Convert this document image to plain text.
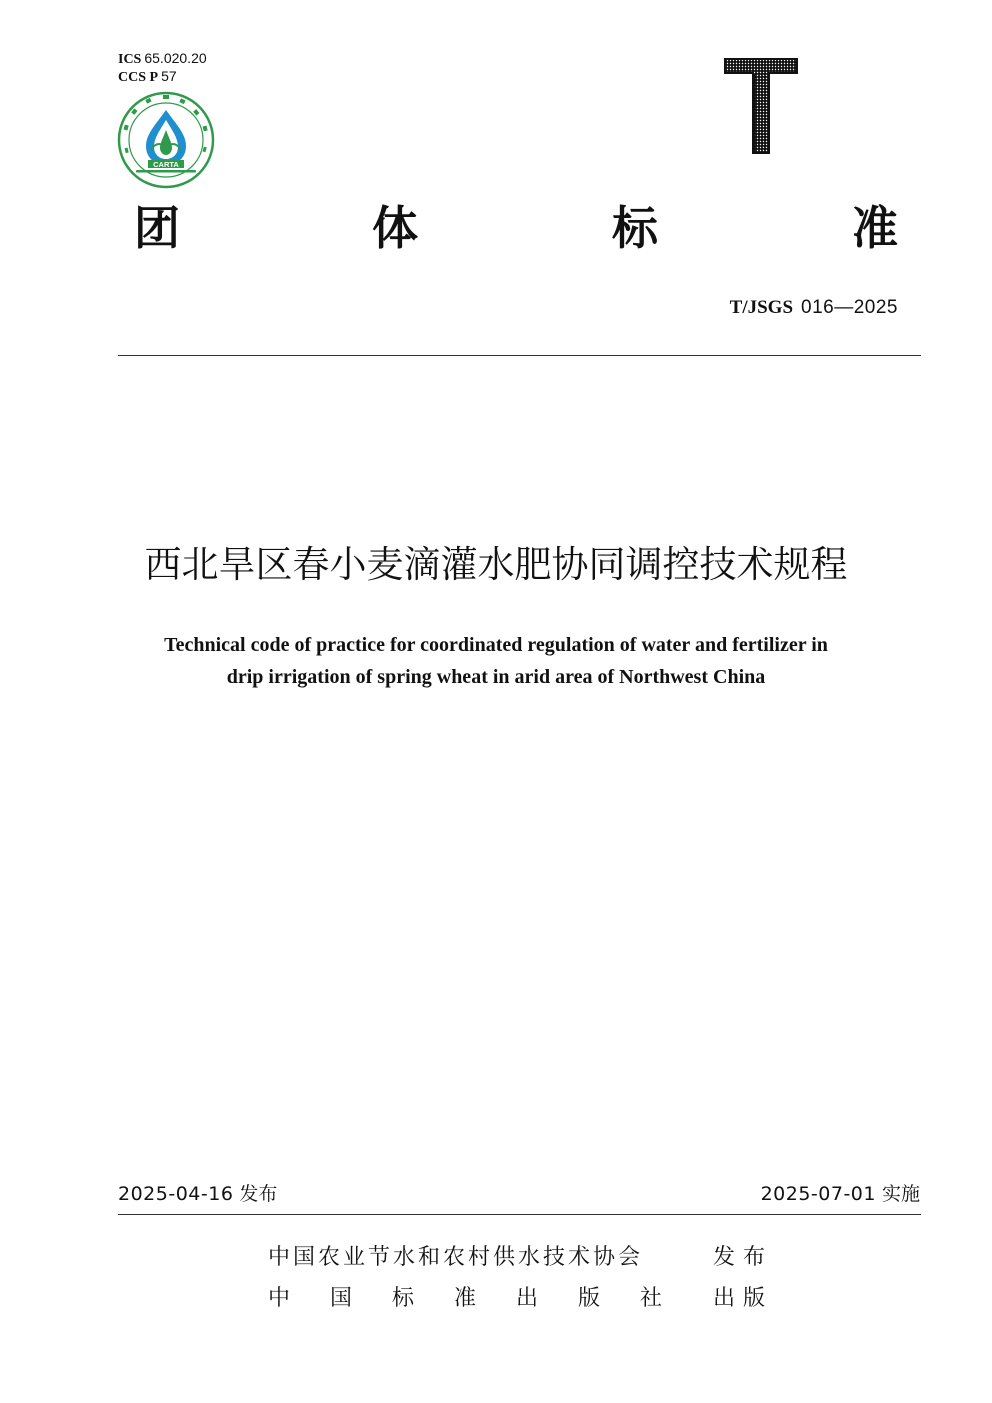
ICS 65.020.20
CCS P 57
CARTA
团	体	标	准
T/JSGS 016—2025
西北旱区春小麦滴灌水肥协同调控技术规程
Technical code of practice for coordinated regulation of water and fertilizer in
drip irrigation of spring wheat in arid area of Northwest China
2025-04-16 发布	2025-07-01 实施
中国农业节水和农村供水技术协会	发布
中国标准出版社 出版
